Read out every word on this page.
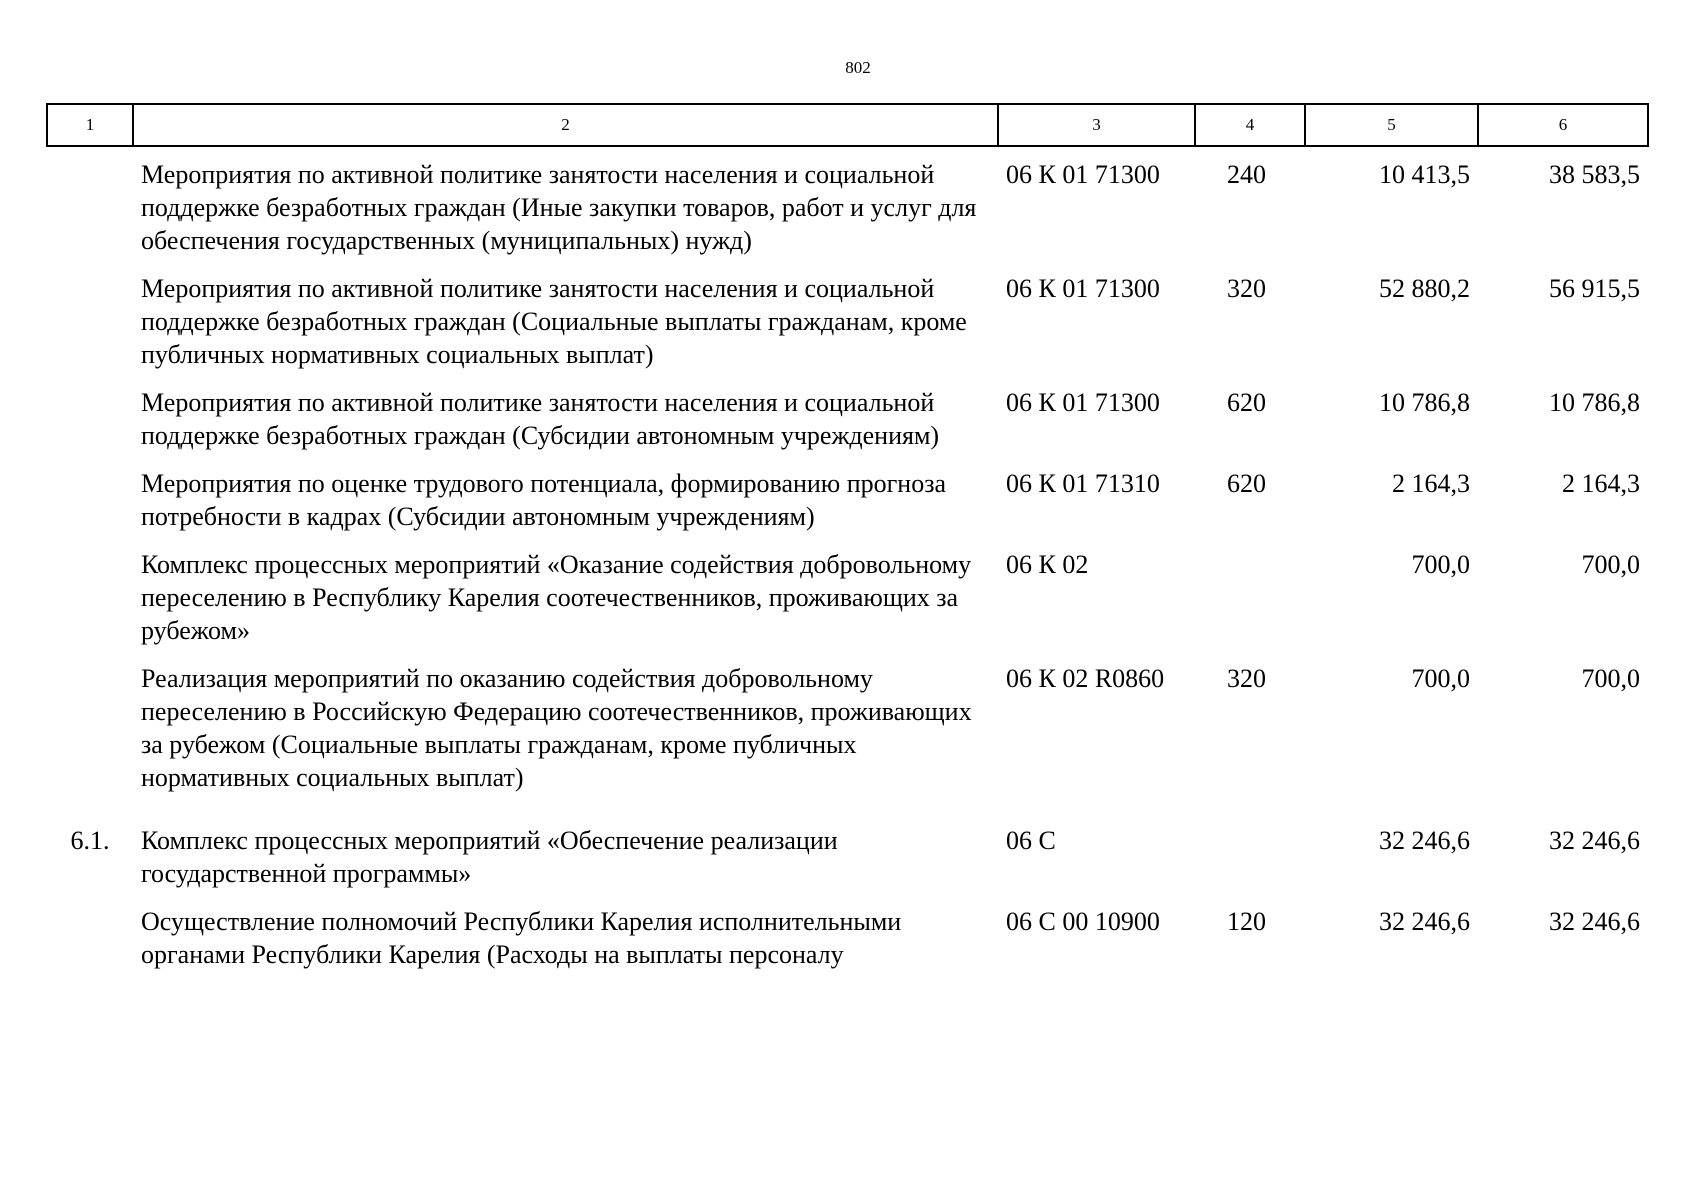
802
1	2	3	4	5	6
	Мероприятия по активной политике занятости населения и социальной поддержке безработных граждан (Иные закупки товаров, работ и услуг для обеспечения государственных (муниципальных) нужд)	06 К 01 71300	240	10 413,5	38 583,5
	Мероприятия по активной политике занятости населения и социальной поддержке безработных граждан (Социальные выплаты гражданам, кроме публичных нормативных социальных выплат)	06 К 01 71300	320	52 880,2	56 915,5
	Мероприятия по активной политике занятости населения и социальной поддержке безработных граждан (Субсидии автономным учреждениям)	06 К 01 71300	620	10 786,8	10 786,8
	Мероприятия по оценке трудового потенциала, формированию прогноза потребности в кадрах (Субсидии автономным учреждениям)	06 К 01 71310	620	2 164,3	2 164,3
	Комплекс процессных мероприятий «Оказание содействия добровольному переселению в Республику Карелия соотечественников, проживающих за рубежом»	06 К 02		700,0	700,0
	Реализация мероприятий по оказанию содействия добровольному переселению в Российскую Федерацию соотечественников, проживающих за рубежом (Социальные выплаты гражданам, кроме публичных нормативных социальных выплат)	06 К 02 R0860	320	700,0	700,0
6.1.	Комплекс процессных мероприятий «Обеспечение реализации государственной программы»	06 С		32 246,6	32 246,6
	Осуществление полномочий Республики Карелия исполнительными органами Республики Карелия (Расходы на выплаты персоналу	06 С 00 10900	120	32 246,6	32 246,6
